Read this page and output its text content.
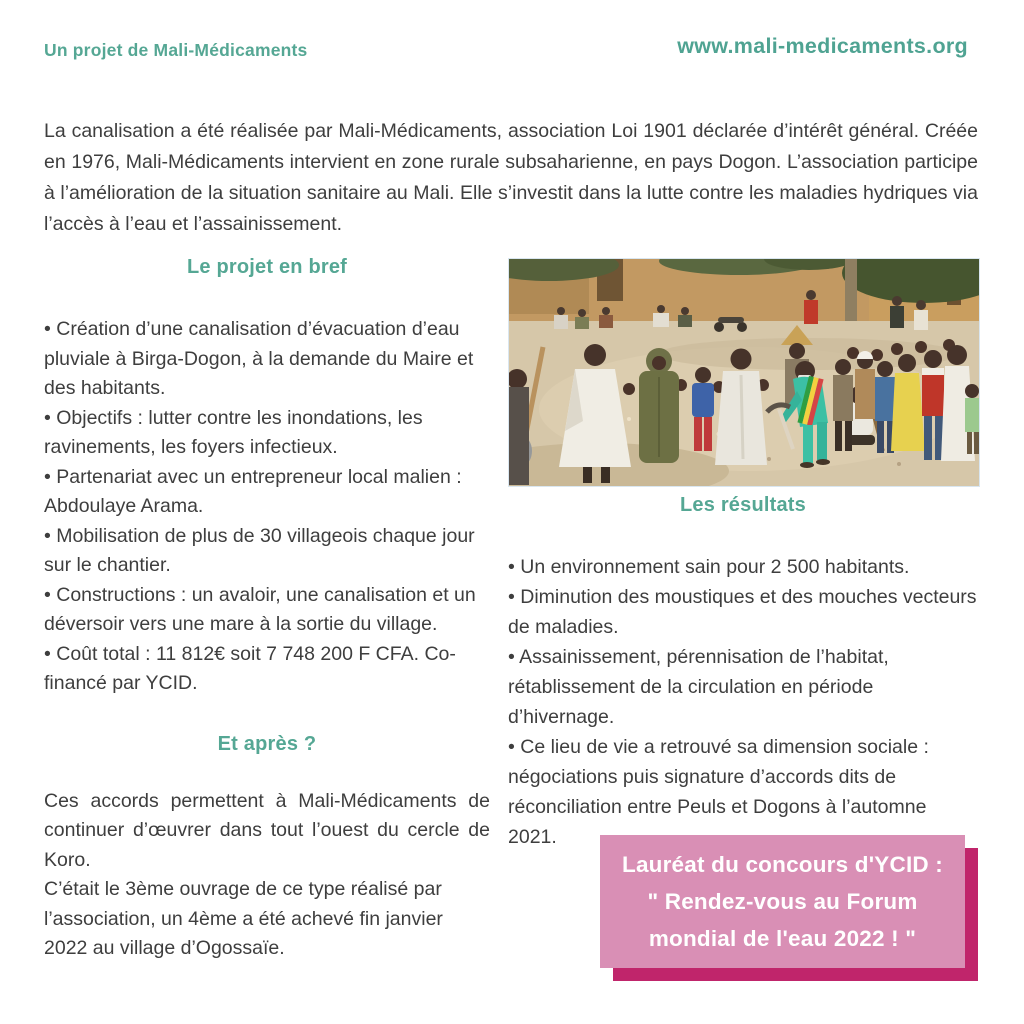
Un projet de Mali-Médicaments	www.mali-medicaments.org

La canalisation a été réalisée par Mali-Médicaments, association Loi 1901 déclarée d’intérêt général. Créée en 1976, Mali-Médicaments intervient en zone rurale subsaharienne, en pays Dogon. L’association participe à l’amélioration de la situation sanitaire au Mali. Elle s’investit dans la lutte contre les maladies hydriques via l’accès à l’eau et l’assainissement.

Le projet en bref

• Création d’une canalisation d’évacuation d’eau pluviale à Birga-Dogon, à la demande du Maire et des habitants.

• Objectifs : lutter contre les inondations, les ravinements, les foyers infectieux.

• Partenariat avec un entrepreneur local malien : Abdoulaye Arama.

• Mobilisation de plus de 30 villageois chaque jour sur le chantier.

• Constructions : un avaloir, une canalisation et un déversoir vers une mare à la sortie du village.

• Coût total : 11 812€ soit 7 748 200 F CFA. Co-financé par YCID.

Et après ?

Ces accords permettent à Mali-Médicaments de continuer d’œuvrer dans tout l’ouest du cercle de Koro.

C’était le 3ème ouvrage de ce type réalisé par l’association, un 4ème a été achevé fin janvier 2022 au village d’Ogossaïe.

Les résultats

• Un environnement sain pour 2 500 habitants.

• Diminution des moustiques et des mouches vecteurs de maladies.

• Assainissement, pérennisation de l’habitat, rétablissement de la circulation en période d’hivernage.

• Ce lieu de vie a retrouvé sa dimension sociale : négociations puis signature d’accords dits de réconciliation entre Peuls et Dogons à l’automne 2021.

Lauréat du concours d'YCID :
" Rendez-vous au Forum
mondial de l'eau 2022 ! "
